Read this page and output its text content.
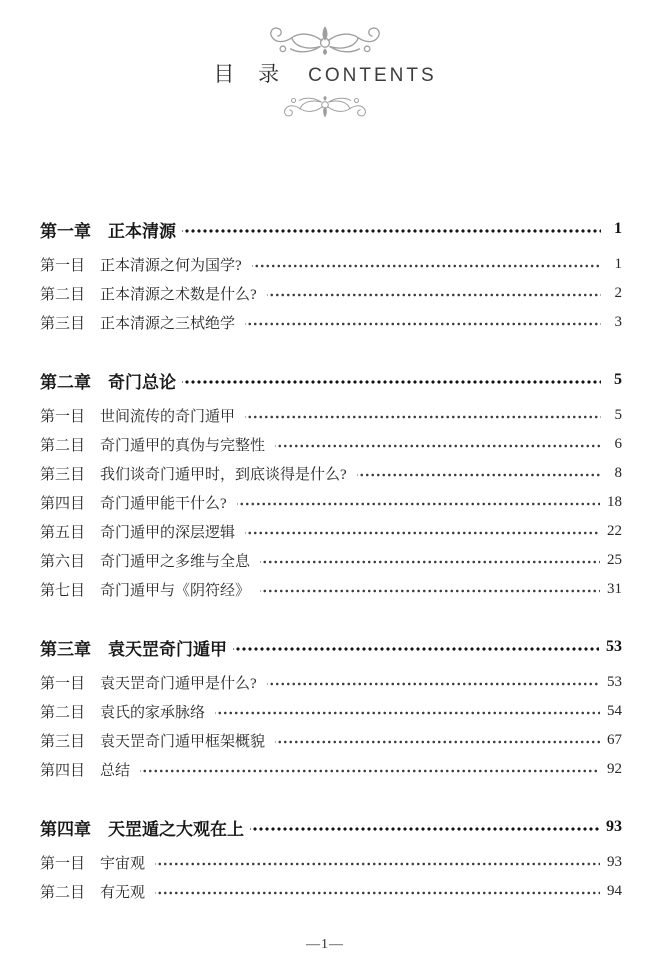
目 录 CONTENTS
第一章 正本清源	1
第一目 正本清源之何为国学?	1
第二目 正本清源之术数是什么?	2
第三目 正本清源之三栻绝学	3
第二章 奇门总论	5
第一目 世间流传的奇门遁甲	5
第二目 奇门遁甲的真伪与完整性	6
第三目 我们谈奇门遁甲时，到底谈得是什么?	8
第四目 奇门遁甲能干什么?	18
第五目 奇门遁甲的深层逻辑	22
第六目 奇门遁甲之多维与全息	25
第七目 奇门遁甲与《阴符经》	31
第三章 袁天罡奇门遁甲	53
第一目 袁天罡奇门遁甲是什么?	53
第二目 袁氏的家承脉络	54
第三目 袁天罡奇门遁甲框架概貌	67
第四目 总结	92
第四章 天罡遁之大观在上	93
第一目 宇宙观	93
第二目 有无观	94
—1—
